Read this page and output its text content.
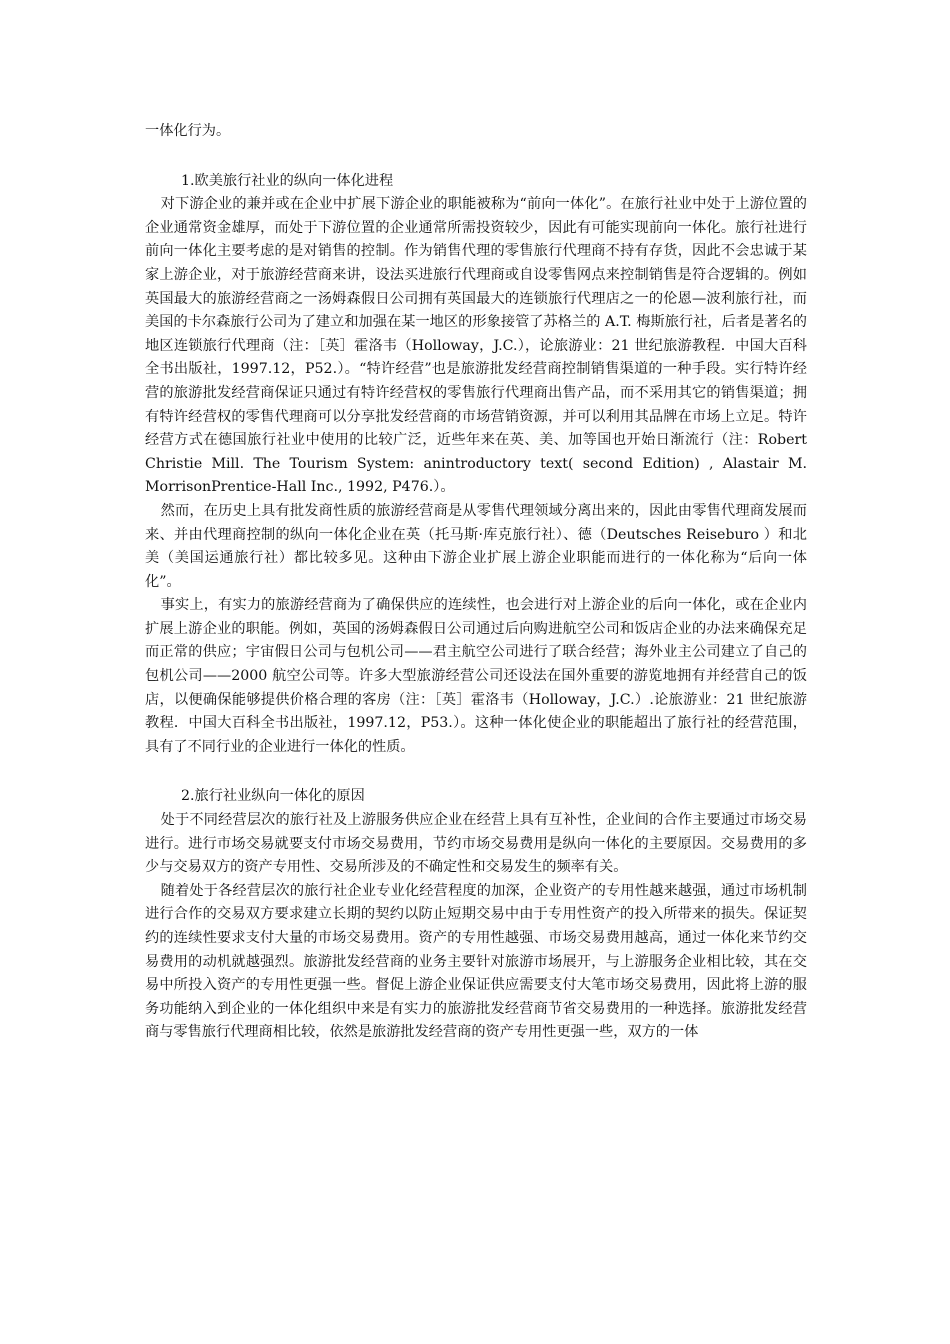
一体化行为。

1.欧美旅行社业的纵向一体化进程

对下游企业的兼并或在企业中扩展下游企业的职能被称为“前向一体化”。在旅行社业中处于上游位置的企业通常资金雄厚，而处于下游位置的企业通常所需投资较少，因此有可能实现前向一体化。旅行社进行前向一体化主要考虑的是对销售的控制。作为销售代理的零售旅行代理商不持有存货，因此不会忠诚于某家上游企业，对于旅游经营商来讲，设法买进旅行代理商或自设零售网点来控制销售是符合逻辑的。例如英国最大的旅游经营商之一汤姆森假日公司拥有英国最大的连锁旅行代理店之一的伦恩—波利旅行社，而美国的卡尔森旅行公司为了建立和加强在某一地区的形象接管了苏格兰的 A.T. 梅斯旅行社，后者是著名的地区连锁旅行代理商（注：［英］霍洛韦（Holloway，J.C.），论旅游业：21 世纪旅游教程．中国大百科全书出版社，1997.12，P52.）。“特许经营”也是旅游批发经营商控制销售渠道的一种手段。实行特许经营的旅游批发经营商保证只通过有特许经营权的零售旅行代理商出售产品，而不采用其它的销售渠道；拥有特许经营权的零售代理商可以分享批发经营商的市场营销资源，并可以利用其品牌在市场上立足。特许经营方式在德国旅行社业中使用的比较广泛，近些年来在英、美、加等国也开始日渐流行（注：Robert Christie Mill. The Tourism System: anintroductory text( second Edition) , Alastair M. MorrisonPrentice-Hall Inc., 1992, P476.）。

然而，在历史上具有批发商性质的旅游经营商是从零售代理领域分离出来的，因此由零售代理商发展而来、并由代理商控制的纵向一体化企业在英（托马斯·库克旅行社）、德（Deutsches Reiseburo ）和北美（美国运通旅行社）都比较多见。这种由下游企业扩展上游企业职能而进行的一体化称为“后向一体化”。

事实上，有实力的旅游经营商为了确保供应的连续性，也会进行对上游企业的后向一体化，或在企业内扩展上游企业的职能。例如，英国的汤姆森假日公司通过后向购进航空公司和饭店企业的办法来确保充足而正常的供应；宇宙假日公司与包机公司——君主航空公司进行了联合经营；海外业主公司建立了自己的包机公司——2000 航空公司等。许多大型旅游经营公司还设法在国外重要的游览地拥有并经营自己的饭店，以便确保能够提供价格合理的客房（注：［英］霍洛韦（Holloway，J.C.）.论旅游业：21 世纪旅游教程．中国大百科全书出版社，1997.12，P53.）。这种一体化使企业的职能超出了旅行社的经营范围，具有了不同行业的企业进行一体化的性质。

2.旅行社业纵向一体化的原因

处于不同经营层次的旅行社及上游服务供应企业在经营上具有互补性，企业间的合作主要通过市场交易进行。进行市场交易就要支付市场交易费用，节约市场交易费用是纵向一体化的主要原因。交易费用的多少与交易双方的资产专用性、交易所涉及的不确定性和交易发生的频率有关。

随着处于各经营层次的旅行社企业专业化经营程度的加深，企业资产的专用性越来越强，通过市场机制进行合作的交易双方要求建立长期的契约以防止短期交易中由于专用性资产的投入所带来的损失。保证契约的连续性要求支付大量的市场交易费用。资产的专用性越强、市场交易费用越高，通过一体化来节约交易费用的动机就越强烈。旅游批发经营商的业务主要针对旅游市场展开，与上游服务企业相比较，其在交易中所投入资产的专用性更强一些。督促上游企业保证供应需要支付大笔市场交易费用，因此将上游的服务功能纳入到企业的一体化组织中来是有实力的旅游批发经营商节省交易费用的一种选择。旅游批发经营商与零售旅行代理商相比较，依然是旅游批发经营商的资产专用性更强一些，双方的一体
